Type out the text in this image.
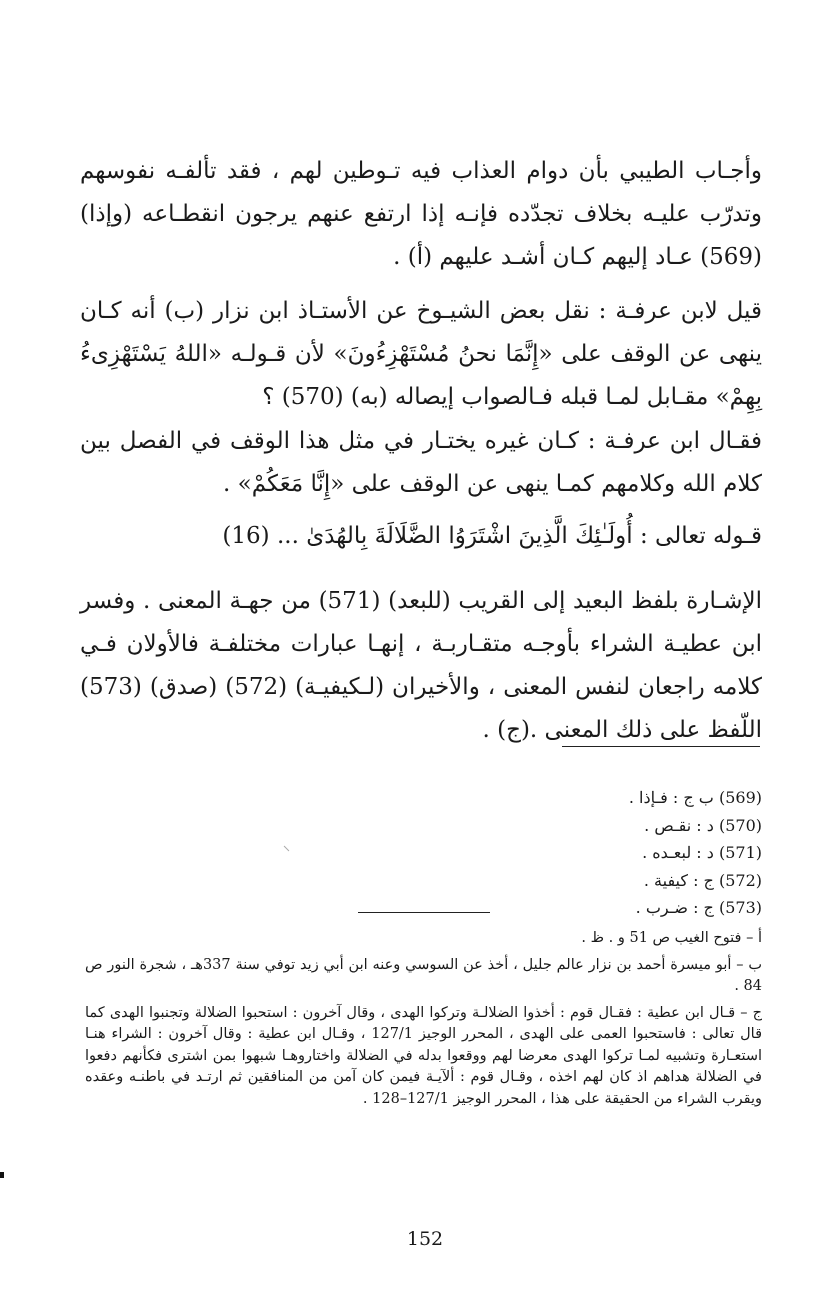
وأجـاب الطيبي بأن دوام العذاب فيه تـوطين لهم ، فقد تألفـه نفوسهم وتدرّب عليـه بخلاف تجدّده فإنـه إذا ارتفع عنهم يرجون انقطـاعه (وإذا) (569) عـاد إليهم كـان أشـد عليهم (أ) .

قيل لابن عرفـة : نقل بعض الشيـوخ عن الأستـاذ ابن نزار (ب) أنه كـان ينهى عن الوقف على «إِنَّمَا نحنُ مُسْتَهْزِءُونَ» لأن قـولـه «اللهُ يَسْتَهْزِىءُ بِهِمْ» مقـابل لمـا قبله فـالصواب إيصاله (به) (570) ؟

فقـال ابن عرفـة : كـان غيره يختـار في مثل هذا الوقف في الفصل بين كلام الله وكلامهم كمـا ينهى عن الوقف على «إِنَّا مَعَكُمْ» .

قـوله تعالى : أُولَـٰئِكَ الَّذِينَ اشْتَرَوُا الضَّلَالَةَ بِالهُدَىٰ ... (16)

الإشـارة بلفظ البعيد إلى القريب (للبعد) (571) من جهـة المعنى . وفسر ابن عطيـة الشراء بأوجـه متقـاربـة ، إنهـا عبارات مختلفـة فالأولان فـي كلامه راجعان لنفس المعنى ، والأخيران (لـكيفيـة) (572) (صدق) (573) اللّفظ على ذلك المعنى .(ج) .

(569) ب ج : فـإذا .
(570) د : نقـص .
(571) د : لبعـده .
(572) ج : كيفية .
(573) ج : ضـرب .

أ – فتوح الغيب ص 51 و . ظ .

ب – أبو ميسرة أحمد بن نزار عالم جليل ، أخذ عن السوسي وعنه ابن أبي زيد توفي سنة 337هـ ، شجرة النور ص 84 .

ج – قـال ابن عطية : فقـال قوم : أخذوا الضلالـة وتركوا الهدى ، وقال آخرون : استحبوا الضلالة وتجنبوا الهدى كما قال تعالى : فاستحبوا العمى على الهدى ، المحرر الوجيز 127/1 ، وقـال ابن عطية : وقال آخرون : الشراء هنـا استعـارة وتشبيه لمـا تركوا الهدى معرضا لهم ووقعوا بدله في الضلالة واختاروهـا شبهوا بمن اشترى فكأنهم دفعوا في الضلالة هداهم اذ كان لهم اخذه ، وقـال قوم : ألآيـة فيمن كان آمن من المنافقين ثم ارتـد في باطنـه وعقده ويقرب الشراء من الحقيقة على هذا ، المحرر الوجيز 127/1–128 .

152
